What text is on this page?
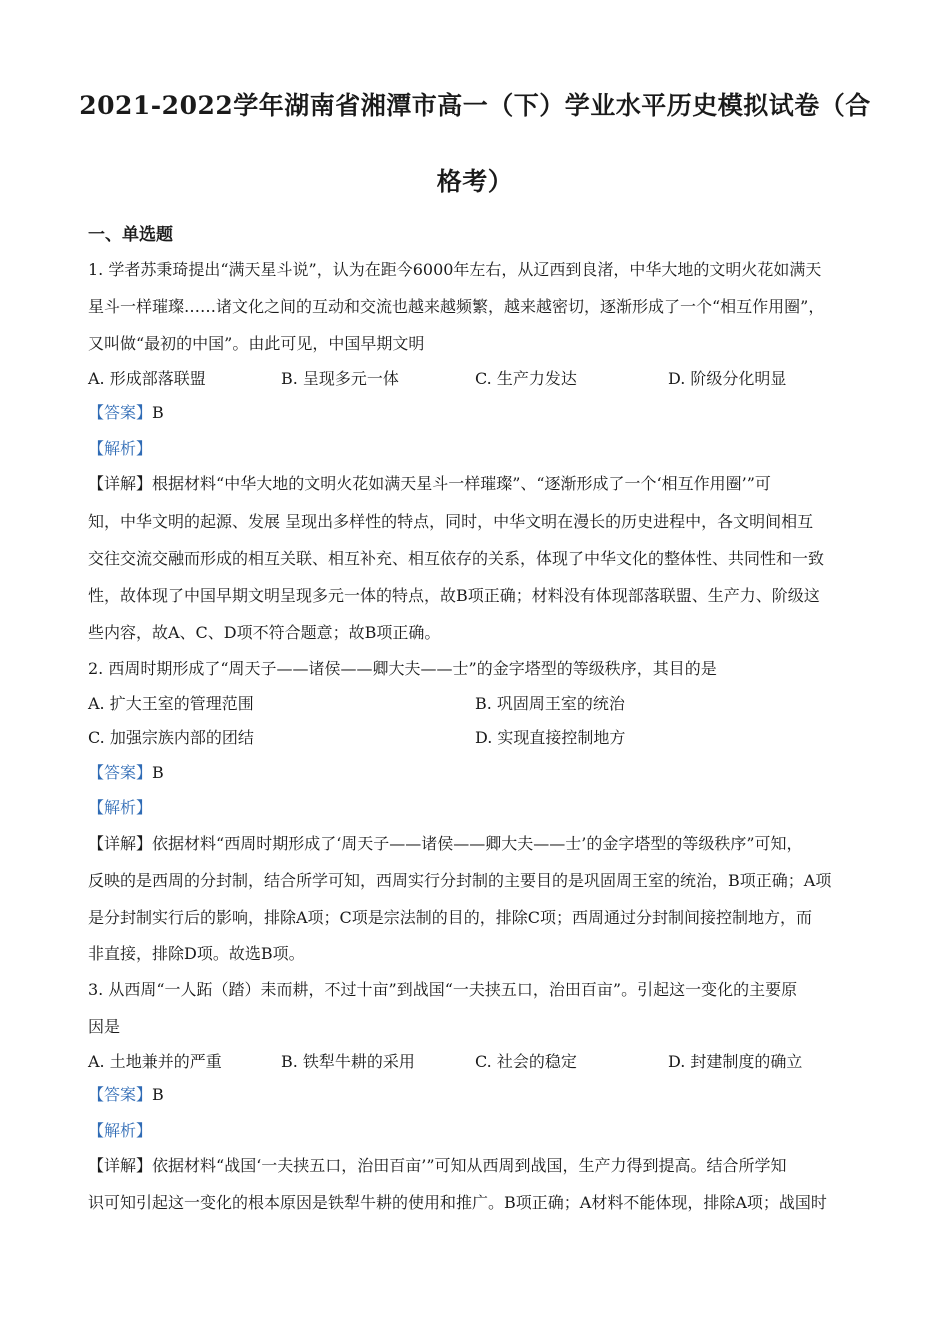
2021-2022学年湖南省湘潭市高一（下）学业水平历史模拟试卷（合
格考）
一、单选题
1. 学者苏秉琦提出“满天星斗说”，认为在距今6000年左右，从辽西到良渚，中华大地的文明火花如满天
星斗一样璀璨……诸文化之间的互动和交流也越来越频繁，越来越密切，逐渐形成了一个“相互作用圈”，
又叫做“最初的中国”。由此可见，中国早期文明
A. 形成部落联盟	B. 呈现多元一体	C. 生产力发达	D. 阶级分化明显
【答案】B
【解析】
【详解】根据材料“中华大地的文明火花如满天星斗一样璀璨”、“逐渐形成了一个‘相互作用圈’”可
知，中华文明的起源、发展 呈现出多样性的特点，同时，中华文明在漫长的历史进程中，各文明间相互
交往交流交融而形成的相互关联、相互补充、相互依存的关系，体现了中华文化的整体性、共同性和一致
性，故体现了中国早期文明呈现多元一体的特点，故B项正确；材料没有体现部落联盟、生产力、阶级这
些内容，故A、C、D项不符合题意；故B项正确。
2. 西周时期形成了“周天子——诸侯——卿大夫——士”的金字塔型的等级秩序，其目的是
A. 扩大王室的管理范围	B. 巩固周王室的统治
C. 加强宗族内部的团结	D. 实现直接控制地方
【答案】B
【解析】
【详解】依据材料“西周时期形成了‘周天子——诸侯——卿大夫——士’的金字塔型的等级秩序”可知，
反映的是西周的分封制，结合所学可知，西周实行分封制的主要目的是巩固周王室的统治，B项正确；A项
是分封制实行后的影响，排除A项；C项是宗法制的目的，排除C项；西周通过分封制间接控制地方，而
非直接，排除D项。故选B项。
3. 从西周“一人跖（踏）耒而耕，不过十亩”到战国“一夫挟五口，治田百亩”。引起这一变化的主要原
因是
A. 土地兼并的严重	B. 铁犁牛耕的采用	C. 社会的稳定	D. 封建制度的确立
【答案】B
【解析】
【详解】依据材料“战国‘一夫挟五口，治田百亩’”可知从西周到战国，生产力得到提高。结合所学知
识可知引起这一变化的根本原因是铁犁牛耕的使用和推广。B项正确；A材料不能体现，排除A项；战国时
